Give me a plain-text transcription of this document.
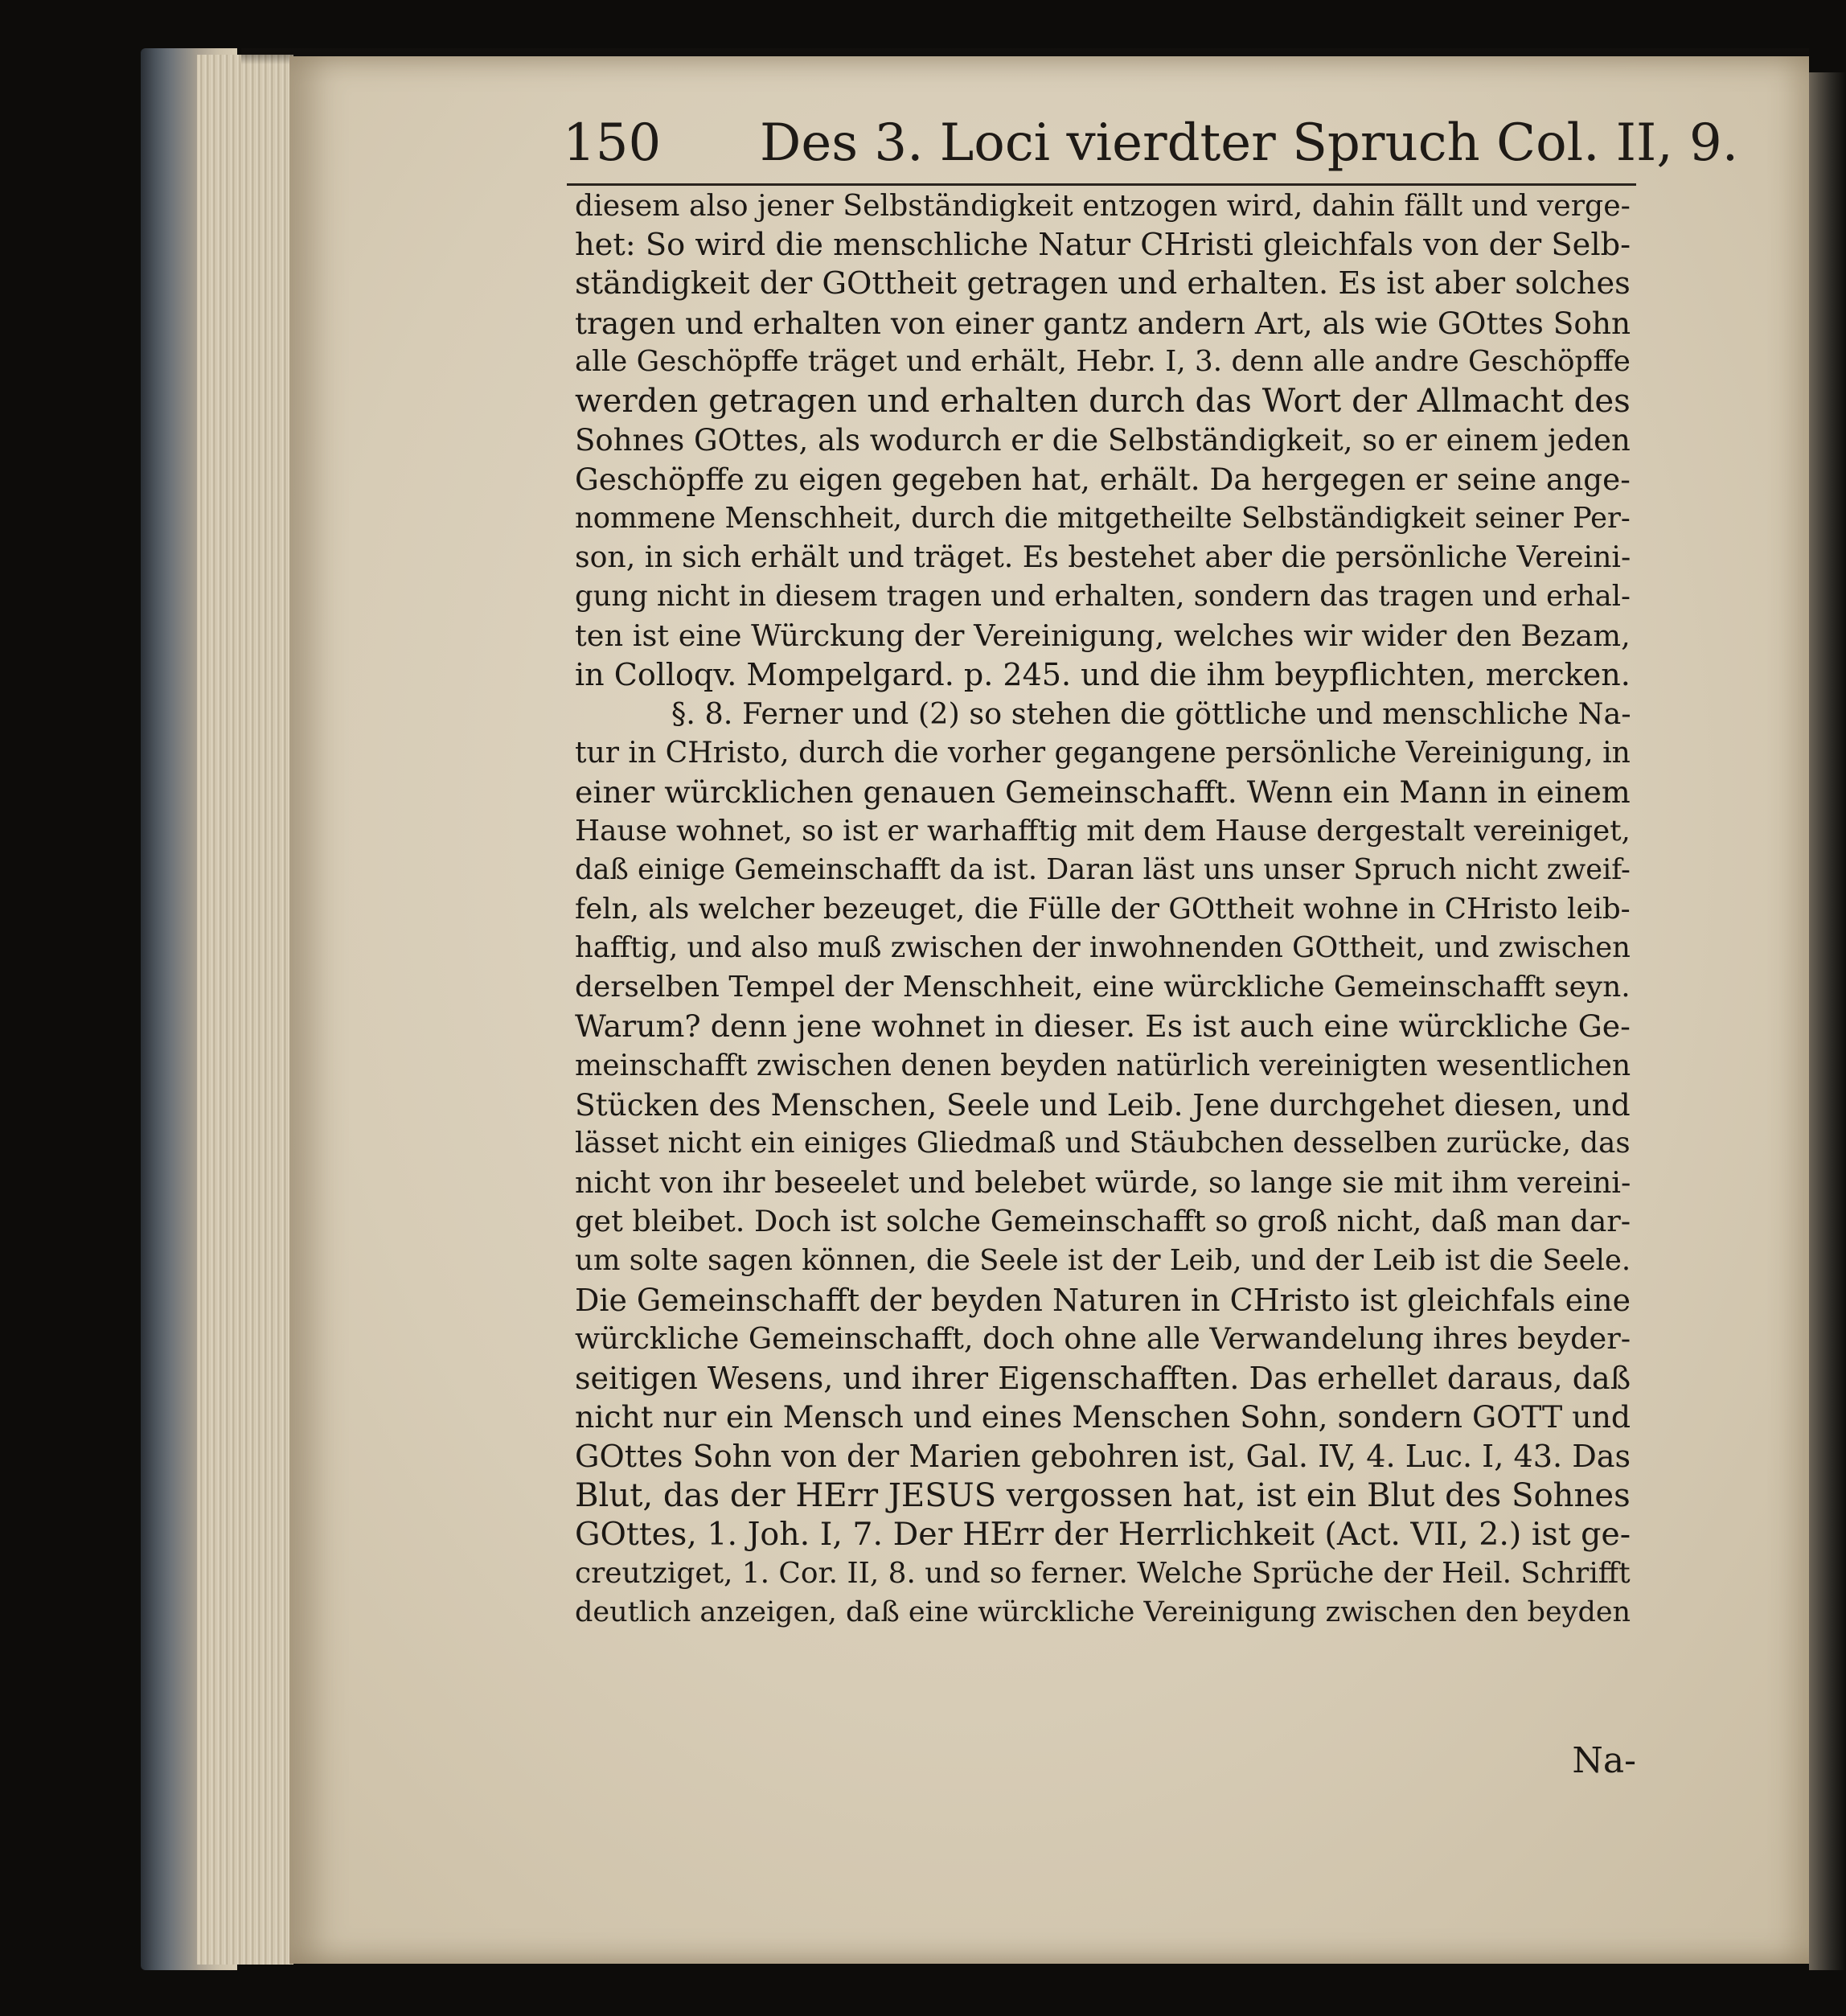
150 Des 3. Loci vierdter Spruch Col. II, 9.
diesem also jener Selbständigkeit entzogen wird, dahin fällt und verge-
het: So wird die menschliche Natur CHristi gleichfals von der Selb-
ständigkeit der GOttheit getragen und erhalten. Es ist aber solches
tragen und erhalten von einer gantz andern Art, als wie GOttes Sohn
alle Geschöpffe träget und erhält, Hebr. I, 3. denn alle andre Geschöpffe
werden getragen und erhalten durch das Wort der Allmacht des
Sohnes GOttes, als wodurch er die Selbständigkeit, so er einem jeden
Geschöpffe zu eigen gegeben hat, erhält. Da hergegen er seine ange-
nommene Menschheit, durch die mitgetheilte Selbständigkeit seiner Per-
son, in sich erhält und träget. Es bestehet aber die persönliche Vereini-
gung nicht in diesem tragen und erhalten, sondern das tragen und erhal-
ten ist eine Würckung der Vereinigung, welches wir wider den Bezam,
in Colloqv. Mompelgard. p. 245. und die ihm beypflichten, mercken.
§. 8. Ferner und (2) so stehen die göttliche und menschliche Na-
tur in CHristo, durch die vorher gegangene persönliche Vereinigung, in
einer würcklichen genauen Gemeinschafft. Wenn ein Mann in einem
Hause wohnet, so ist er warhafftig mit dem Hause dergestalt vereiniget,
daß einige Gemeinschafft da ist. Daran läst uns unser Spruch nicht zweif-
feln, als welcher bezeuget, die Fülle der GOttheit wohne in CHristo leib-
hafftig, und also muß zwischen der inwohnenden GOttheit, und zwischen
derselben Tempel der Menschheit, eine würckliche Gemeinschafft seyn.
Warum? denn jene wohnet in dieser. Es ist auch eine würckliche Ge-
meinschafft zwischen denen beyden natürlich vereinigten wesentlichen
Stücken des Menschen, Seele und Leib. Jene durchgehet diesen, und
lässet nicht ein einiges Gliedmaß und Stäubchen desselben zurücke, das
nicht von ihr beseelet und belebet würde, so lange sie mit ihm vereini-
get bleibet. Doch ist solche Gemeinschafft so groß nicht, daß man dar-
um solte sagen können, die Seele ist der Leib, und der Leib ist die Seele.
Die Gemeinschafft der beyden Naturen in CHristo ist gleichfals eine
würckliche Gemeinschafft, doch ohne alle Verwandelung ihres beyder-
seitigen Wesens, und ihrer Eigenschafften. Das erhellet daraus, daß
nicht nur ein Mensch und eines Menschen Sohn, sondern GOTT und
GOttes Sohn von der Marien gebohren ist, Gal. IV, 4. Luc. I, 43. Das
Blut, das der HErr JESUS vergossen hat, ist ein Blut des Sohnes
GOttes, 1. Joh. I, 7. Der HErr der Herrlichkeit (Act. VII, 2.) ist ge-
creutziget, 1. Cor. II, 8. und so ferner. Welche Sprüche der Heil. Schrifft
deutlich anzeigen, daß eine würckliche Vereinigung zwischen den beyden
Na-
